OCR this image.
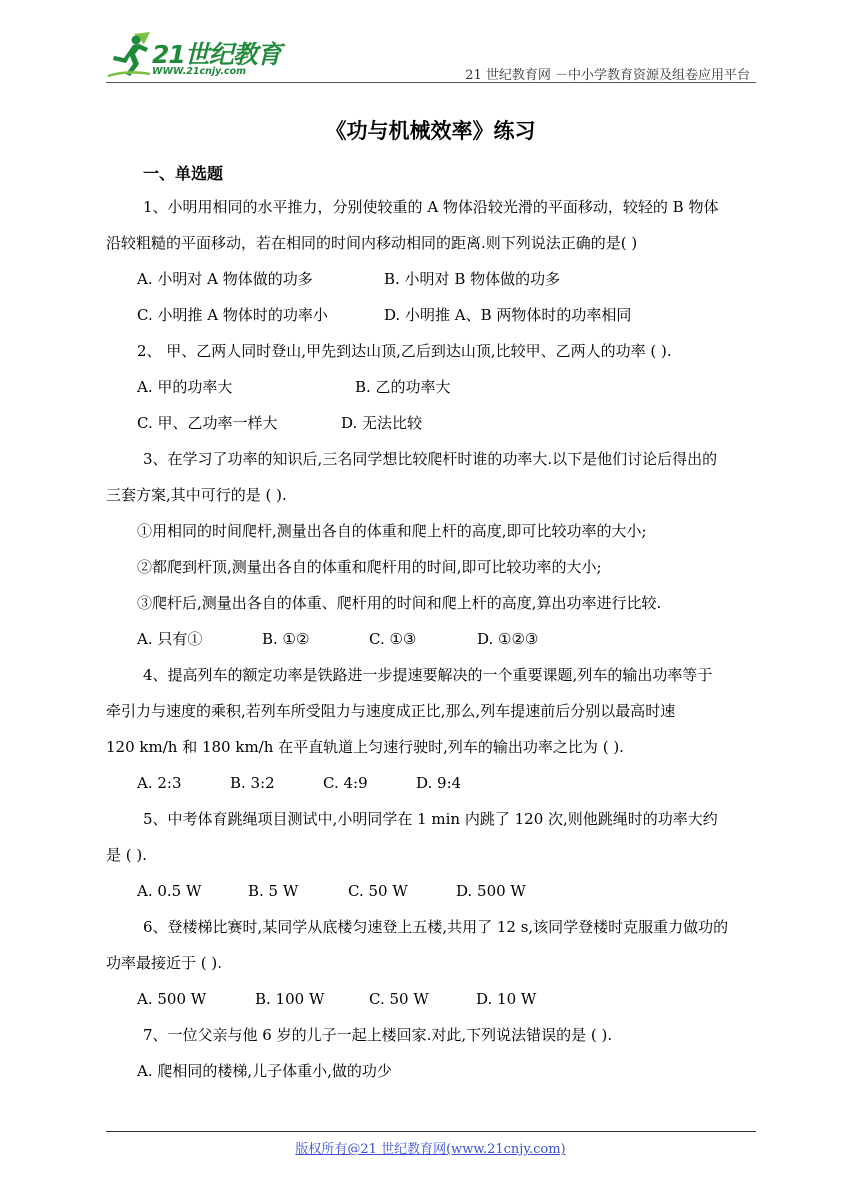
21世纪教育
WWW.21cnjy.com	21 世纪教育网 －中小学教育资源及组卷应用平台
《功与机械效率》练习
一、单选题
1、小明用相同的水平推力，分别使较重的 A 物体沿较光滑的平面移动，较轻的 B 物体
沿较粗糙的平面移动，若在相同的时间内移动相同的距离.则下列说法正确的是( )
A. 小明对 A 物体做的功多	B. 小明对 B 物体做的功多
C. 小明推 A 物体时的功率小	D. 小明推 A、B 两物体时的功率相同
2、 甲、乙两人同时登山,甲先到达山顶,乙后到达山顶,比较甲、乙两人的功率 ( ).
A. 甲的功率大	B. 乙的功率大
C. 甲、乙功率一样大	D. 无法比较
3、在学习了功率的知识后,三名同学想比较爬杆时谁的功率大.以下是他们讨论后得出的
三套方案,其中可行的是 ( ).
①用相同的时间爬杆,测量出各自的体重和爬上杆的高度,即可比较功率的大小;
②都爬到杆顶,测量出各自的体重和爬杆用的时间,即可比较功率的大小;
③爬杆后,测量出各自的体重、爬杆用的时间和爬上杆的高度,算出功率进行比较.
A. 只有①	B. ①②	C. ①③	D. ①②③
4、提高列车的额定功率是铁路进一步提速要解决的一个重要课题,列车的输出功率等于
牵引力与速度的乘积,若列车所受阻力与速度成正比,那么,列车提速前后分别以最高时速
120 km/h 和 180 km/h 在平直轨道上匀速行驶时,列车的输出功率之比为 ( ).
A. 2:3	B. 3:2	C. 4:9	D. 9:4
5、中考体育跳绳项目测试中,小明同学在 1 min 内跳了 120 次,则他跳绳时的功率大约
是 ( ).
A. 0.5 W	B. 5 W	C. 50 W	D. 500 W
6、登楼梯比赛时,某同学从底楼匀速登上五楼,共用了 12 s,该同学登楼时克服重力做功的
功率最接近于 ( ).
A. 500 W	B. 100 W	C. 50 W	D. 10 W
7、一位父亲与他 6 岁的儿子一起上楼回家.对此,下列说法错误的是 ( ).
A. 爬相同的楼梯,儿子体重小,做的功少
版权所有@21 世纪教育网(www.21cnjy.com)
